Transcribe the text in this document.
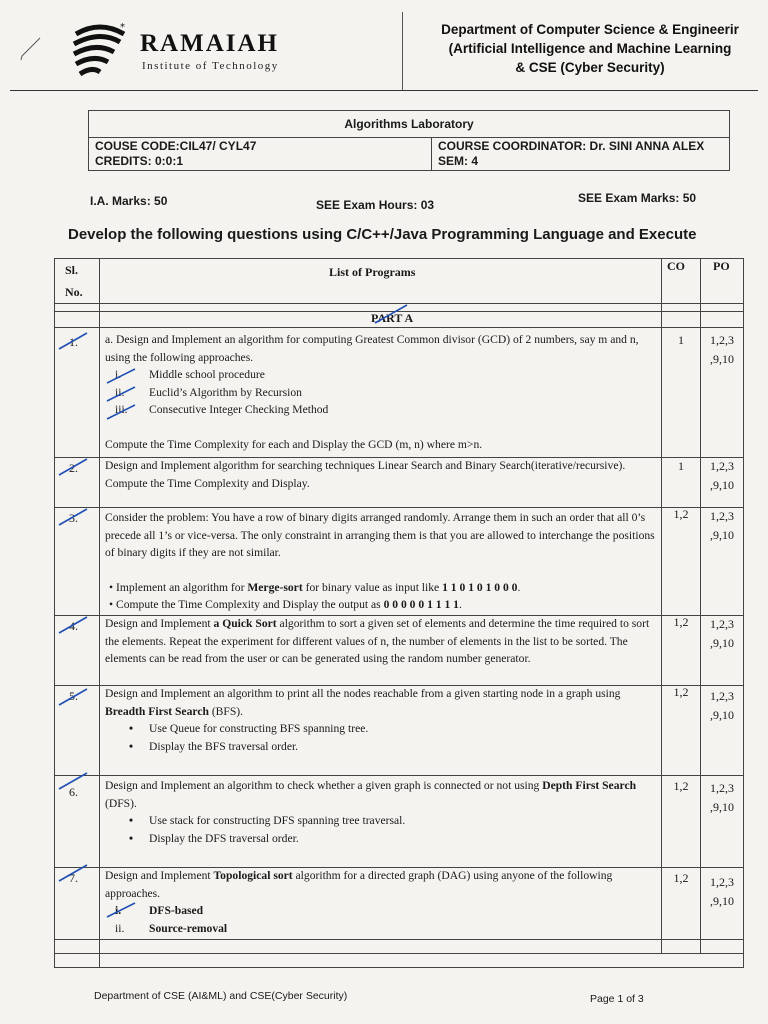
*
RAMAIAH
Institute of Technology
Department of Computer Science & Engineerir
(Artificial Intelligence and Machine Learning
& CSE (Cyber Security)
Algorithms Laboratory
COUSE CODE:CIL47/ CYL47
CREDITS: 0:0:1	COURSE COORDINATOR: Dr. SINI ANNA ALEX
SEM: 4
I.A. Marks: 50	SEE Exam Hours: 03	SEE Exam Marks: 50
Develop the following questions using C/C++/Java Programming Language and Execute
Sl.
No.
List of Programs	CO PO
PART A
1. a. Design and Implement an algorithm for computing Greatest Common divisor (GCD) of 2 numbers, say m and n, using the following approaches.
i. Middle school procedure
ii. Euclid’s Algorithm by Recursion
iii. Consecutive Integer Checking Method
Compute the Time Complexity for each and Display the GCD (m, n) where m>n.
1	1,2,3
,9,10
2. Design and Implement algorithm for searching techniques Linear Search and Binary Search(iterative/recursive). Compute the Time Complexity and Display.
1	1,2,3
,9,10
3. Consider the problem: You have a row of binary digits arranged randomly. Arrange them in such an order that all 0’s precede all 1’s or vice-versa. The only constraint in arranging them is that you are allowed to interchange the positions of binary digits if they are not similar.
• Implement an algorithm for Merge-sort for binary value as input like 1 1 0 1 0 1 0 0 0.
• Compute the Time Complexity and Display the output as 0 0 0 0 0 1 1 1 1.
1,2	1,2,3
,9,10
4. Design and Implement a Quick Sort algorithm to sort a given set of elements and determine the time required to sort the elements. Repeat the experiment for different values of n, the number of elements in the list to be sorted. The elements can be read from the user or can be generated using the random number generator.
1,2	1,2,3
,9,10
5. Design and Implement an algorithm to print all the nodes reachable from a given starting node in a graph using Breadth First Search (BFS).
• Use Queue for constructing BFS spanning tree.
• Display the BFS traversal order.
1,2	1,2,3
,9,10
6. Design and Implement an algorithm to check whether a given graph is connected or not using Depth First Search (DFS).
• Use stack for constructing DFS spanning tree traversal.
• Display the DFS traversal order.
1,2	1,2,3
,9,10
7. Design and Implement Topological sort algorithm for a directed graph (DAG) using anyone of the following approaches.
i. DFS-based
ii. Source-removal
1,2	1,2,3
,9,10
Department of CSE (AI&ML) and CSE(Cyber Security)	Page 1 of 3
